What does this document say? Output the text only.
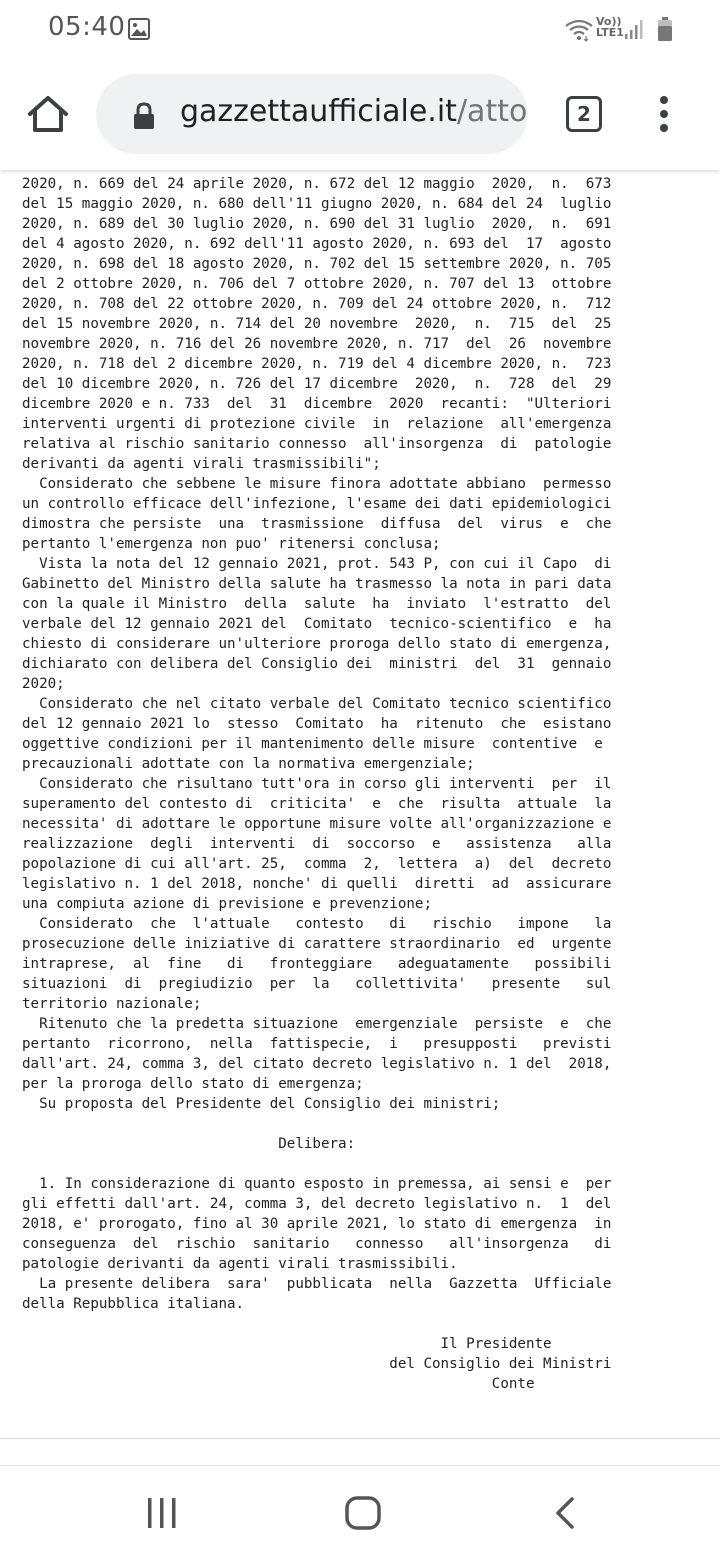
05:40	Vo))
LTE1
gazzettaufficiale.it/atto	2
2020, n. 669 del 24 aprile 2020, n. 672 del 12 maggio  2020,  n.  673
del 15 maggio 2020, n. 680 dell'11 giugno 2020, n. 684 del 24  luglio
2020, n. 689 del 30 luglio 2020, n. 690 del 31 luglio  2020,  n.  691
del 4 agosto 2020, n. 692 dell'11 agosto 2020, n. 693 del  17  agosto
2020, n. 698 del 18 agosto 2020, n. 702 del 15 settembre 2020, n. 705
del 2 ottobre 2020, n. 706 del 7 ottobre 2020, n. 707 del 13  ottobre
2020, n. 708 del 22 ottobre 2020, n. 709 del 24 ottobre 2020, n.  712
del 15 novembre 2020, n. 714 del 20 novembre  2020,  n.  715  del  25
novembre 2020, n. 716 del 26 novembre 2020, n. 717  del  26  novembre
2020, n. 718 del 2 dicembre 2020, n. 719 del 4 dicembre 2020, n.  723
del 10 dicembre 2020, n. 726 del 17 dicembre  2020,  n.  728  del  29
dicembre 2020 e n. 733  del  31  dicembre  2020  recanti:  "Ulteriori
interventi urgenti di protezione civile  in  relazione  all'emergenza
relativa al rischio sanitario connesso  all'insorgenza  di  patologie
derivanti da agenti virali trasmissibili";
Considerato che sebbene le misure finora adottate abbiano  permesso
un controllo efficace dell'infezione, l'esame dei dati epidemiologici
dimostra che persiste  una  trasmissione  diffusa  del  virus  e  che
pertanto l'emergenza non puo' ritenersi conclusa;
Vista la nota del 12 gennaio 2021, prot. 543 P, con cui il Capo  di
Gabinetto del Ministro della salute ha trasmesso la nota in pari data
con la quale il Ministro  della  salute  ha  inviato  l'estratto  del
verbale del 12 gennaio 2021 del  Comitato  tecnico-scientifico  e  ha
chiesto di considerare un'ulteriore proroga dello stato di emergenza,
dichiarato con delibera del Consiglio dei  ministri  del  31  gennaio
2020;
Considerato che nel citato verbale del Comitato tecnico scientifico
del 12 gennaio 2021 lo  stesso  Comitato  ha  ritenuto  che  esistano
oggettive condizioni per il mantenimento delle misure  contentive  e
precauzionali adottate con la normativa emergenziale;
Considerato che risultano tutt'ora in corso gli interventi  per  il
superamento del contesto di  criticita'  e  che  risulta  attuale  la
necessita' di adottare le opportune misure volte all'organizzazione e
realizzazione  degli  interventi  di  soccorso  e   assistenza   alla
popolazione di cui all'art. 25,  comma  2,  lettera  a)  del  decreto
legislativo n. 1 del 2018, nonche' di quelli  diretti  ad  assicurare
una compiuta azione di previsione e prevenzione;
Considerato  che  l'attuale   contesto   di   rischio   impone   la
prosecuzione delle iniziative di carattere straordinario  ed  urgente
intraprese,  al  fine   di   fronteggiare   adeguatamente   possibili
situazioni  di  pregiudizio  per  la   collettivita'   presente   sul
territorio nazionale;
Ritenuto che la predetta situazione  emergenziale  persiste  e  che
pertanto  ricorrono,  nella  fattispecie,  i   presupposti   previsti
dall'art. 24, comma 3, del citato decreto legislativo n. 1 del  2018,
per la proroga dello stato di emergenza;
Su proposta del Presidente del Consiglio dei ministri;

Delibera:

1. In considerazione di quanto esposto in premessa, ai sensi e  per
gli effetti dall'art. 24, comma 3, del decreto legislativo n.  1  del
2018, e' prorogato, fino al 30 aprile 2021, lo stato di emergenza  in
conseguenza  del  rischio  sanitario   connesso   all'insorgenza   di
patologie derivanti da agenti virali trasmissibili.
La presente delibera  sara'  pubblicata  nella  Gazzetta  Ufficiale
della Repubblica italiana.

Il Presidente
del Consiglio dei Ministri
Conte
